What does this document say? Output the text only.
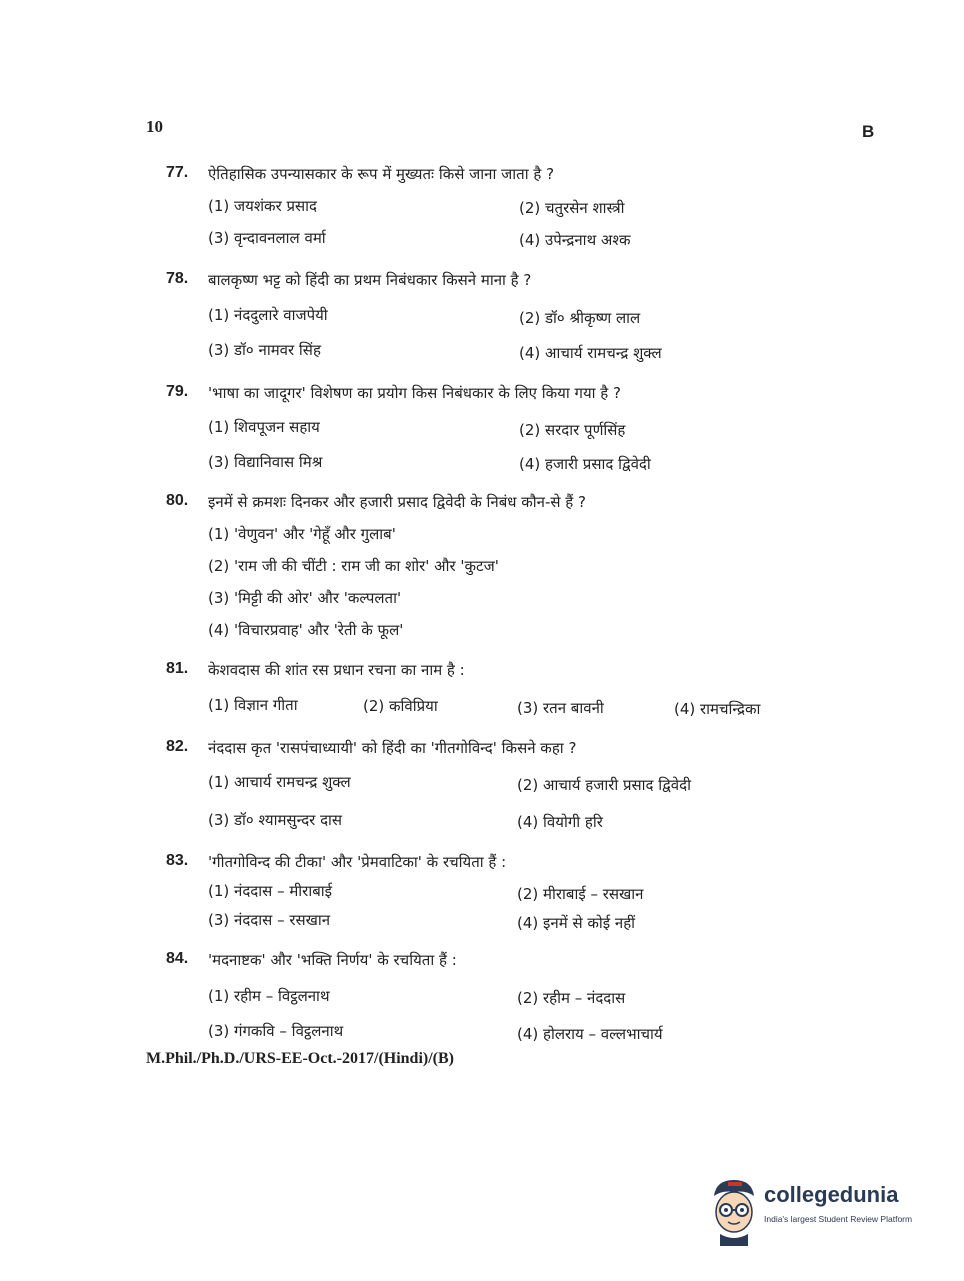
10	B
77. ऐतिहासिक उपन्यासकार के रूप में मुख्यतः किसे जाना जाता है ?
(1) जयशंकर प्रसाद	(2) चतुरसेन शास्त्री
(3) वृन्दावनलाल वर्मा	(4) उपेन्द्रनाथ अश्क
78. बालकृष्ण भट्ट को हिंदी का प्रथम निबंधकार किसने माना है ?
(1) नंददुलारे वाजपेयी	(2) डॉ० श्रीकृष्ण लाल
(3) डॉ० नामवर सिंह	(4) आचार्य रामचन्द्र शुक्ल
79. 'भाषा का जादूगर' विशेषण का प्रयोग किस निबंधकार के लिए किया गया है ?
(1) शिवपूजन सहाय	(2) सरदार पूर्णसिंह
(3) विद्यानिवास मिश्र	(4) हजारी प्रसाद द्विवेदी
80. इनमें से क्रमशः दिनकर और हजारी प्रसाद द्विवेदी के निबंध कौन-से हैं ?
(1) 'वेणुवन' और 'गेहूँ और गुलाब'
(2) 'राम जी की चींटी : राम जी का शोर' और 'कुटज'
(3) 'मिट्टी की ओर' और 'कल्पलता'
(4) 'विचारप्रवाह' और 'रेती के फूल'
81. केशवदास की शांत रस प्रधान रचना का नाम है :
(1) विज्ञान गीता	(2) कविप्रिया	(3) रतन बावनी	(4) रामचन्द्रिका
82. नंददास कृत 'रासपंचाध्यायी' को हिंदी का 'गीतगोविन्द' किसने कहा ?
(1) आचार्य रामचन्द्र शुक्ल	(2) आचार्य हजारी प्रसाद द्विवेदी
(3) डॉ० श्यामसुन्दर दास	(4) वियोगी हरि
83. 'गीतगोविन्द की टीका' और 'प्रेमवाटिका' के रचयिता हैं :
(1) नंददास – मीराबाई	(2) मीराबाई – रसखान
(3) नंददास – रसखान	(4) इनमें से कोई नहीं
84. 'मदनाष्टक' और 'भक्ति निर्णय' के रचयिता हैं :
(1) रहीम – विट्ठलनाथ	(2) रहीम – नंददास
(3) गंगकवि – विट्ठलनाथ	(4) होलराय – वल्लभाचार्य
M.Phil./Ph.D./URS-EE-Oct.-2017/(Hindi)/(B)
collegedunia
India's largest Student Review Platform
